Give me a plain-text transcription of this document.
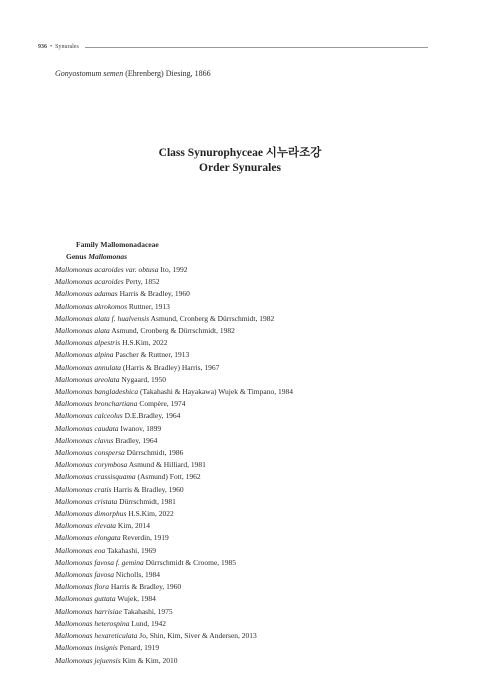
936 • Synurales
Gonyostomum semen (Ehrenberg) Diesing, 1866
Class Synurophyceae 시누라조강
Order Synurales
Family Mallomonadaceae
Genus Mallomonas
Mallomonas acaroides var. obtusa Ito, 1992
Mallomonas acaroides Perty, 1852
Mallomonas adamas Harris & Bradley, 1960
Mallomonas akrokomos Ruttner, 1913
Mallomonas alata f. hualvensis Asmund, Cronberg & Dürrschmidt, 1982
Mallomonas alata Asmund, Cronberg & Dürrschmidt, 1982
Mallomonas alpestris H.S.Kim, 2022
Mallomonas alpina Pascher & Ruttner, 1913
Mallomonas annulata (Harris & Bradley) Harris, 1967
Mallomonas areolata Nygaard, 1950
Mallomonas bangladeshica (Takahashi & Hayakawa) Wujek & Timpano, 1984
Mallomonas bronchartiana Compère, 1974
Mallomonas calceolus D.E.Bradley, 1964
Mallomonas caudata Iwanov, 1899
Mallomonas clavus Bradley, 1964
Mallomonas conspersa Dürrschmidt, 1986
Mallomonas corymbosa Asmund & Hilliard, 1981
Mallomonas crassisquama (Asmund) Fott, 1962
Mallomonas cratis Harris & Bradley, 1960
Mallomonas cristata Dürrschmidt, 1981
Mallomonas dimorphus H.S.Kim, 2022
Mallomonas elevata Kim, 2014
Mallomonas elongata Reverdin, 1919
Mallomonas eoa Takahashi, 1969
Mallomonas favosa f. gemina Dürrschmidt & Croome, 1985
Mallomonas favosa Nicholls, 1984
Mallomonas flora Harris & Bradley, 1960
Mallomonas guttata Wujek, 1984
Mallomonas harrisiae Takahashi, 1975
Mallomonas heterospina Lund, 1942
Mallomonas hexareticulata Jo, Shin, Kim, Siver & Andersen, 2013
Mallomonas insignis Penard, 1919
Mallomonas jejuensis Kim & Kim, 2010
